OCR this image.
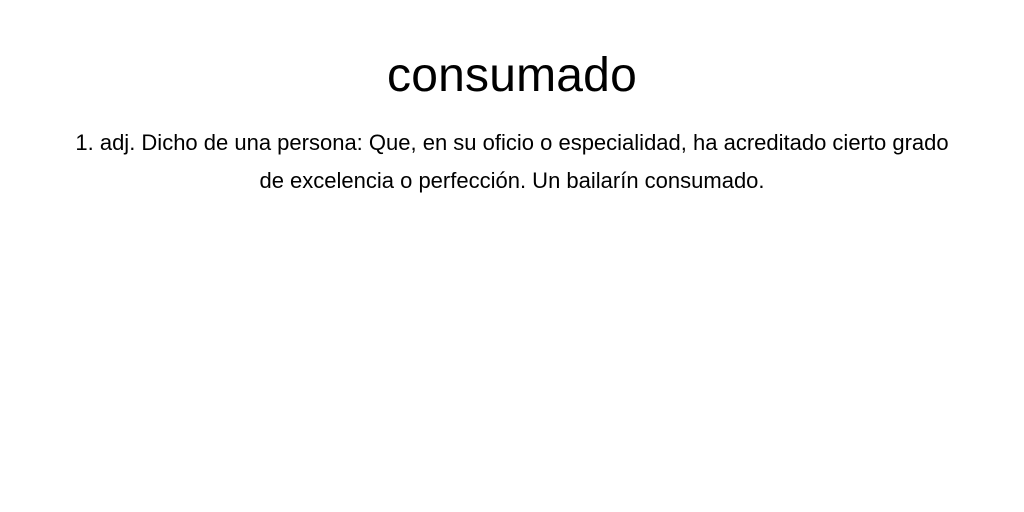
consumado

1. adj. Dicho de una persona: Que, en su oficio o especialidad, ha acreditado cierto grado de excelencia o perfección. Un bailarín consumado.
